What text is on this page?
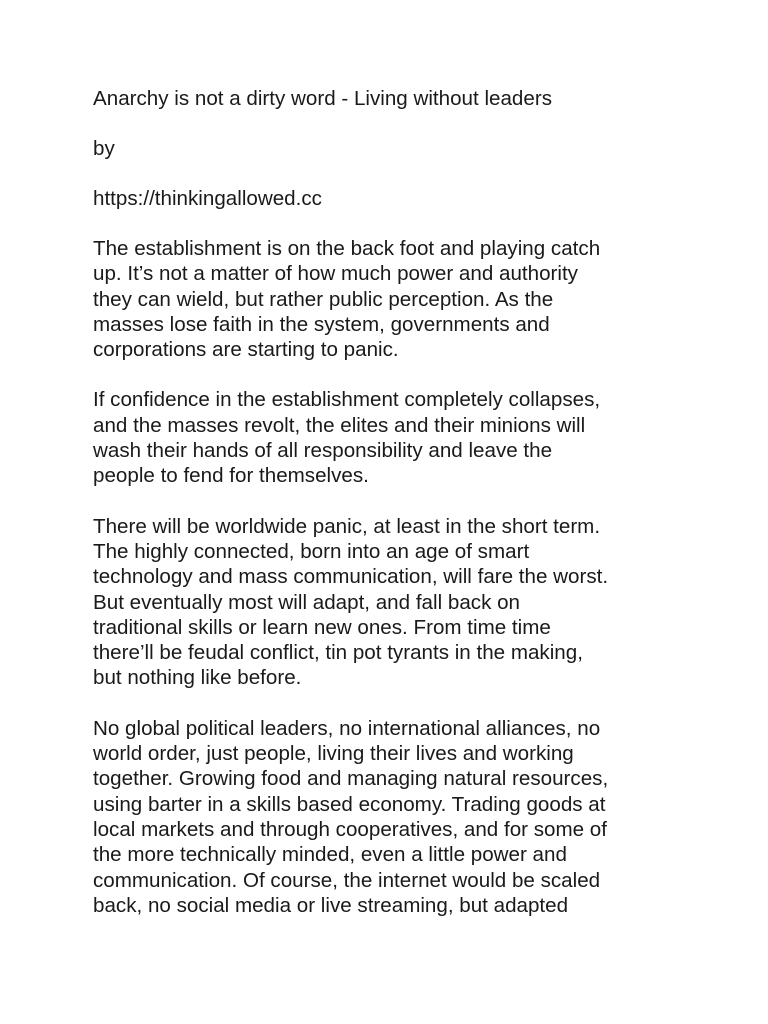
Anarchy is not a dirty word - Living without leaders

by

https://thinkingallowed.cc

The establishment is on the back foot and playing catch
up. It’s not a matter of how much power and authority
they can wield, but rather public perception. As the
masses lose faith in the system, governments and
corporations are starting to panic.

If confidence in the establishment completely collapses,
and the masses revolt, the elites and their minions will
wash their hands of all responsibility and leave the
people to fend for themselves.

There will be worldwide panic, at least in the short term.
The highly connected, born into an age of smart
technology and mass communication, will fare the worst.
But eventually most will adapt, and fall back on
traditional skills or learn new ones. From time time
there’ll be feudal conflict, tin pot tyrants in the making,
but nothing like before.

No global political leaders, no international alliances, no
world order, just people, living their lives and working
together. Growing food and managing natural resources,
using barter in a skills based economy. Trading goods at
local markets and through cooperatives, and for some of
the more technically minded, even a little power and
communication. Of course, the internet would be scaled
back, no social media or live streaming, but adapted
